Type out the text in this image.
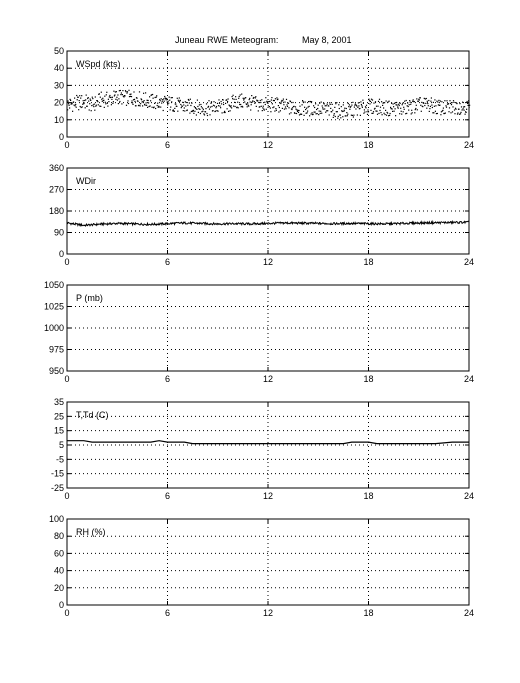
Juneau RWE Meteogram:	May 8, 2001
0	6	12	18	24
0
10
20
30
40
50
WSpd (kts)
0	6	12	18	24
0
90
180
270
360
WDir
0	6	12	18	24
950
975
1000
1025
1050
P (mb)
0	6	12	18	24
-25
-15
-5
5
15
25
35
T,Td (C)
0	6	12	18	24
0
20
40
60
80
100
RH (%)
